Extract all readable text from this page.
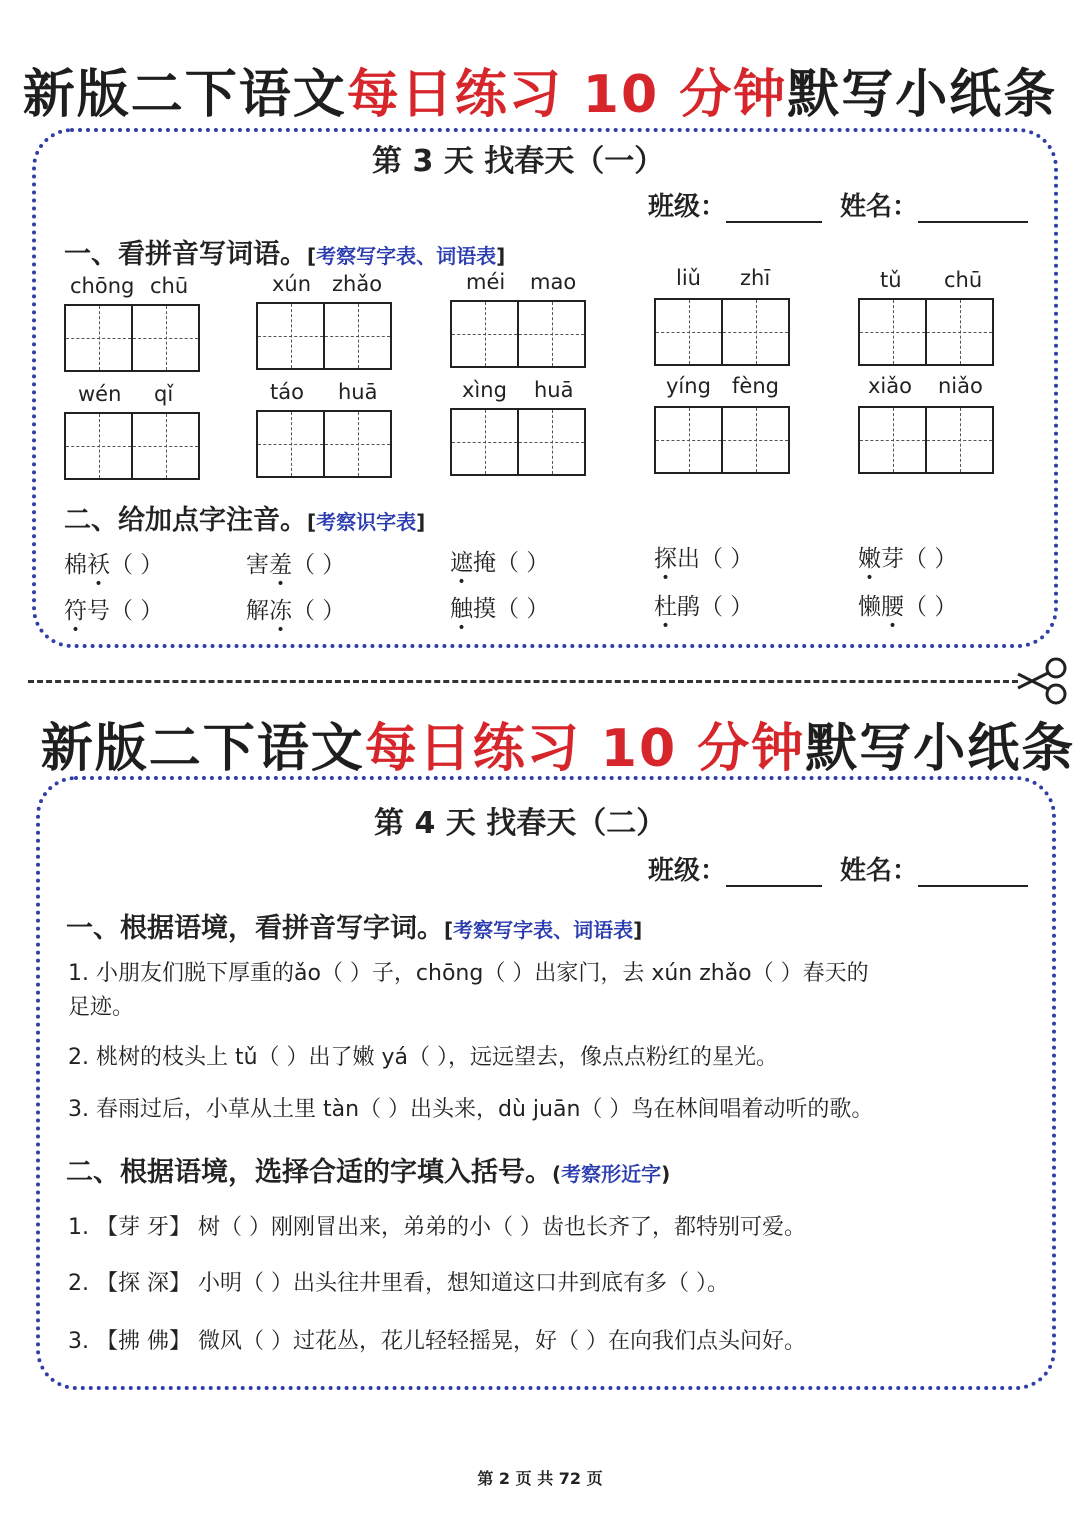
新版二下语文每日练习 10 分钟默写小纸条
第 3 天 找春天（一）
班级：	姓名：
一、看拼音写词语。[考察写字表、词语表]
chōng chū	xún zhǎo	méi mao	liǔ zhī	tǔ chū
wén qǐ	táo huā	xìng huā	yíng fèng	xiǎo niǎo
二、给加点字注音。[考察识字表]
棉袄（ ）	害羞（ ）	遮掩（ ）	探出（ ）	嫩芽（ ）
符号（ ）	解冻（ ）	触摸（ ）	杜鹃（ ）	懒腰（ ）
新版二下语文每日练习 10 分钟默写小纸条
第 4 天 找春天（二）
班级：	姓名：
一、根据语境，看拼音写字词。[考察写字表、词语表]
1. 小朋友们脱下厚重的ǎo（ ）子，chōng（ ）出家门，去 xún zhǎo（ ）春天的
足迹。
2. 桃树的枝头上 tǔ（ ）出了嫩 yá（ ），远远望去，像点点粉红的星光。
3. 春雨过后，小草从土里 tàn（ ）出头来，dù juān（ ）鸟在林间唱着动听的歌。
二、根据语境，选择合适的字填入括号。(考察形近字)
1. 【芽 牙】 树（ ）刚刚冒出来，弟弟的小（ ）齿也长齐了，都特别可爱。
2. 【探 深】 小明（ ）出头往井里看，想知道这口井到底有多（ ）。
3. 【拂 佛】 微风（ ）过花丛，花儿轻轻摇晃，好（ ）在向我们点头问好。
第 2 页 共 72 页
